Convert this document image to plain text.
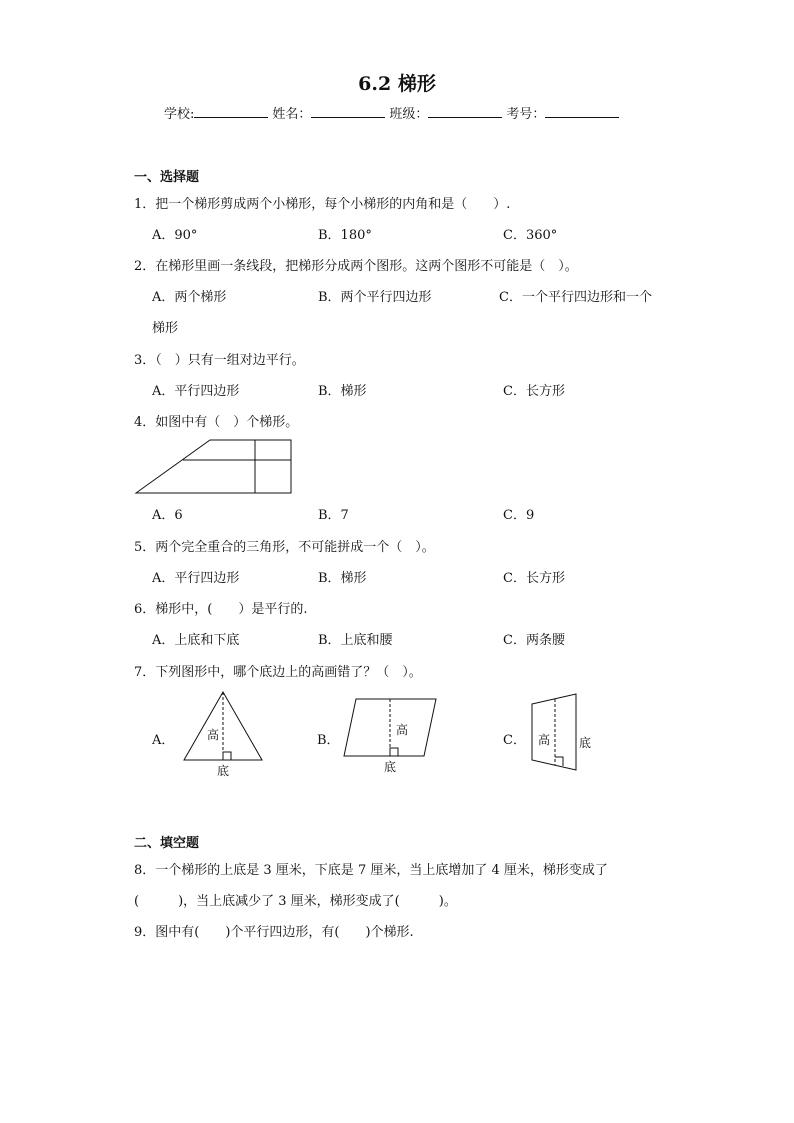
6.2 梯形
学校:	姓名：	班级：	考号：
一、选择题
1．把一个梯形剪成两个小梯形，每个小梯形的内角和是（　　）.
A．90°	B．180°	C．360°
2．在梯形里画一条线段，把梯形分成两个图形。这两个图形不可能是（　）。
A．两个梯形	B．两个平行四边形	C．一个平行四边形和一个
梯形
3．（　）只有一组对边平行。
A．平行四边形	B．梯形	C．长方形
4．如图中有（　）个梯形。
A．6	B．7	C．9
5．两个完全重合的三角形，不可能拼成一个（　）。
A．平行四边形	B．梯形	C．长方形
6．梯形中，(　　）是平行的.
A．上底和下底	B．上底和腰	C．两条腰
7．下列图形中，哪个底边上的高画错了？（　）。
A．	高
底
B．
高
底
C． 高 底
二、填空题
8．一个梯形的上底是 3 厘米，下底是 7 厘米，当上底增加了 4 厘米，梯形变成了
(　　　)，当上底减少了 3 厘米，梯形变成了(　　　)。
9．图中有(　　)个平行四边形，有(　　)个梯形.
